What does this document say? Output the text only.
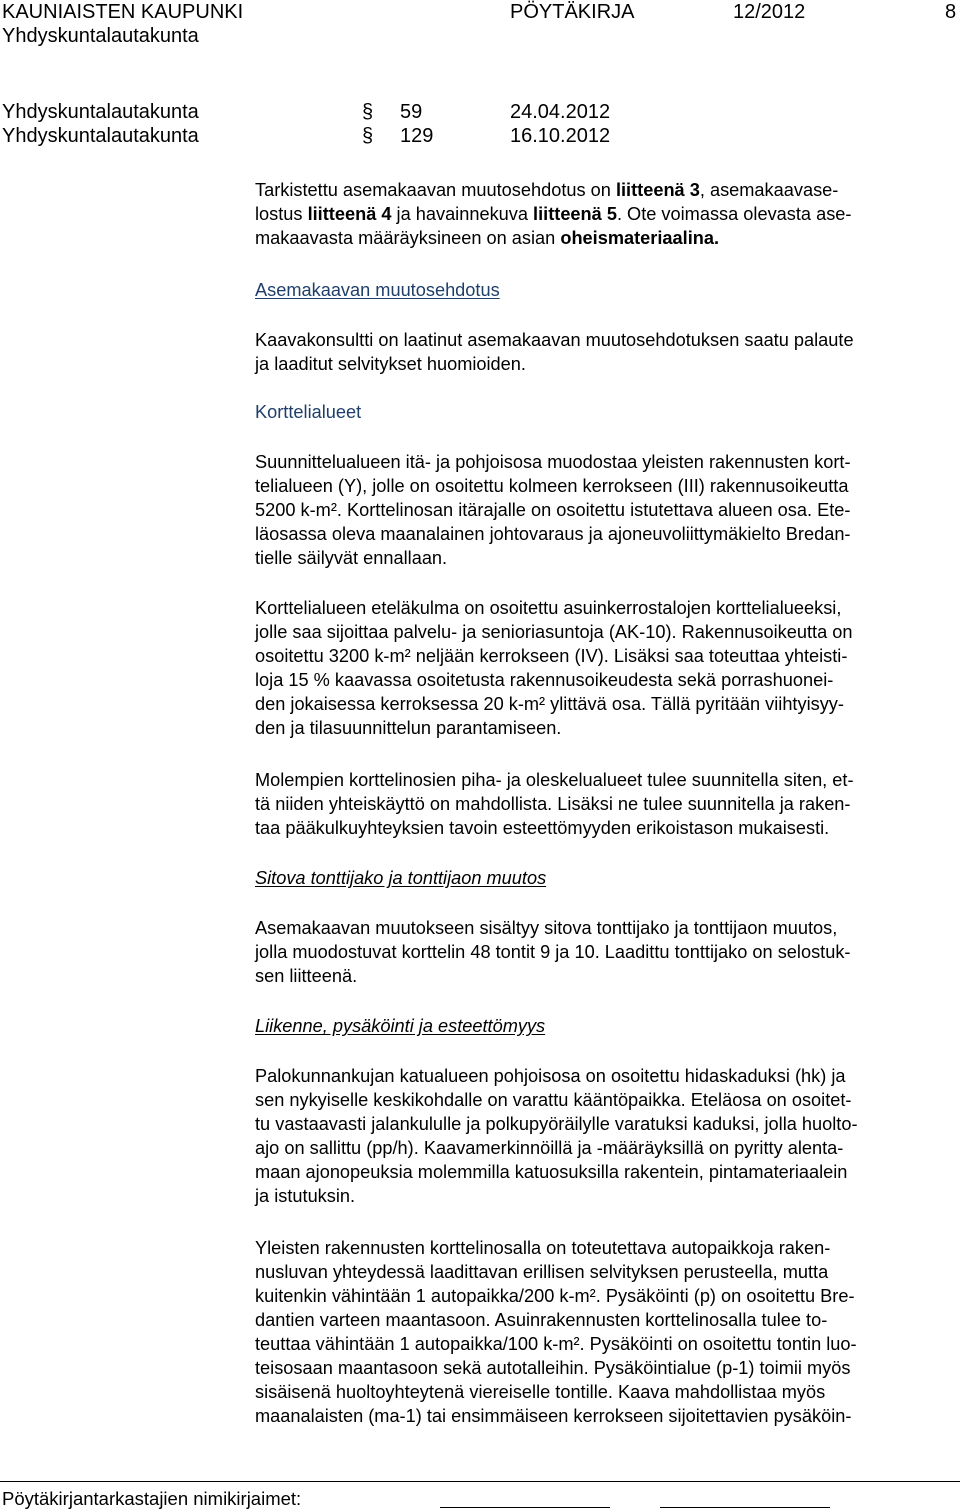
KAUNIAISTEN KAUPUNKI
Yhdyskuntalautakunta
PÖYTÄKIRJA	12/2012	8
Yhdyskuntalautakunta	§ 59	24.04.2012
Yhdyskuntalautakunta	§ 129	16.10.2012
Tarkistettu asemakaavan muutosehdotus on liitteenä 3, asemakaavase-
lostus liitteenä 4 ja havainnekuva liitteenä 5. Ote voimassa olevasta ase-
makaavasta määräyksineen on asian oheismateriaalina.
Asemakaavan muutosehdotus
Kaavakonsultti on laatinut asemakaavan muutosehdotuksen saatu palaute
ja laaditut selvitykset huomioiden.
Korttelialueet
Suunnittelualueen itä- ja pohjoisosa muodostaa yleisten rakennusten kort-
telialueen (Y), jolle on osoitettu kolmeen kerrokseen (III) rakennusoikeutta
5200 k-m². Korttelinosan itärajalle on osoitettu istutettava alueen osa. Ete-
läosassa oleva maanalainen johtovaraus ja ajoneuvoliittymäkielto Bredan-
tielle säilyvät ennallaan.
Korttelialueen eteläkulma on osoitettu asuinkerrostalojen korttelialueeksi,
jolle saa sijoittaa palvelu- ja senioriasuntoja (AK-10). Rakennusoikeutta on
osoitettu 3200 k-m² neljään kerrokseen (IV). Lisäksi saa toteuttaa yhteisti-
loja 15 % kaavassa osoitetusta rakennusoikeudesta sekä porrashuonei-
den jokaisessa kerroksessa 20 k-m² ylittävä osa. Tällä pyritään viihtyisyy-
den ja tilasuunnittelun parantamiseen.
Molempien korttelinosien piha- ja oleskelualueet tulee suunnitella siten, et-
tä niiden yhteiskäyttö on mahdollista. Lisäksi ne tulee suunnitella ja raken-
taa pääkulkuyhteyksien tavoin esteettömyyden erikoistason mukaisesti.
Sitova tonttijako ja tonttijaon muutos
Asemakaavan muutokseen sisältyy sitova tonttijako ja tonttijaon muutos,
jolla muodostuvat korttelin 48 tontit 9 ja 10. Laadittu tonttijako on selostuk-
sen liitteenä.
Liikenne, pysäköinti ja esteettömyys
Palokunnankujan katualueen pohjoisosa on osoitettu hidaskaduksi (hk) ja
sen nykyiselle keskikohdalle on varattu kääntöpaikka. Eteläosa on osoitet-
tu vastaavasti jalankululle ja polkupyöräilylle varatuksi kaduksi, jolla huolto-
ajo on sallittu (pp/h). Kaavamerkinnöillä ja -määräyksillä on pyritty alenta-
maan ajonopeuksia molemmilla katuosuksilla rakentein, pintamateriaalein
ja istutuksin.
Yleisten rakennusten korttelinosalla on toteutettava autopaikkoja raken-
nusluvan yhteydessä laadittavan erillisen selvityksen perusteella, mutta
kuitenkin vähintään 1 autopaikka/200 k-m². Pysäköinti (p) on osoitettu Bre-
dantien varteen maantasoon. Asuinrakennusten korttelinosalla tulee to-
teuttaa vähintään 1 autopaikka/100 k-m². Pysäköinti on osoitettu tontin luo-
teisosaan maantasoon sekä autotalleihin. Pysäköintialue (p-1) toimii myös
sisäisenä huoltoyhteytenä viereiselle tontille. Kaava mahdollistaa myös
maanalaisten (ma-1) tai ensimmäiseen kerrokseen sijoitettavien pysäköin-
Pöytäkirjantarkastajien nimikirjaimet:
